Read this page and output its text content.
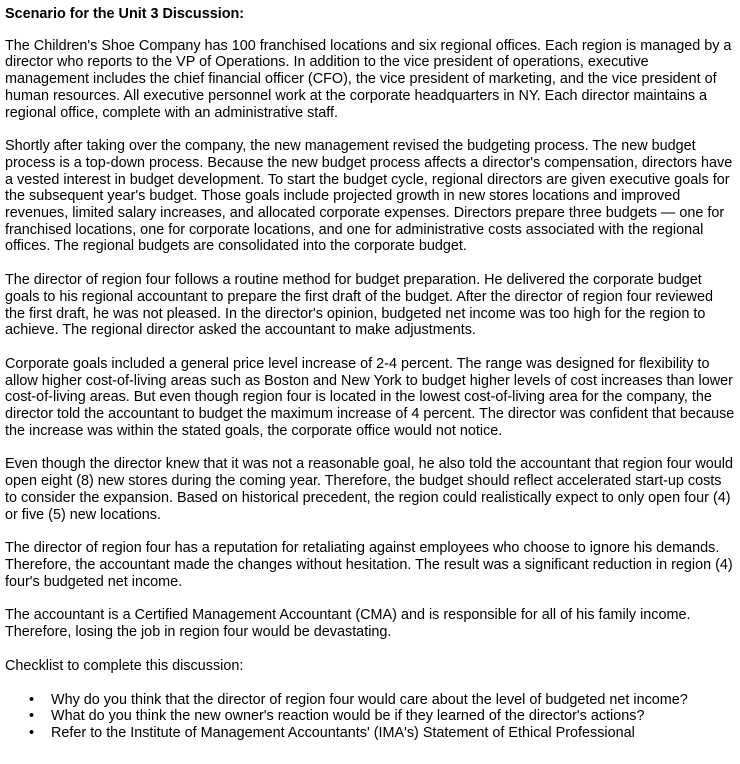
Scenario for the Unit 3 Discussion:
The Children's Shoe Company has 100 franchised locations and six regional offices. Each region is managed by a director who reports to the VP of Operations. In addition to the vice president of operations, executive management includes the chief financial officer (CFO), the vice president of marketing, and the vice president of human resources. All executive personnel work at the corporate headquarters in NY. Each director maintains a regional office, complete with an administrative staff.
Shortly after taking over the company, the new management revised the budgeting process. The new budget process is a top-down process. Because the new budget process affects a director's compensation, directors have a vested interest in budget development. To start the budget cycle, regional directors are given executive goals for the subsequent year's budget. Those goals include projected growth in new stores locations and improved revenues, limited salary increases, and allocated corporate expenses. Directors prepare three budgets — one for franchised locations, one for corporate locations, and one for administrative costs associated with the regional offices. The regional budgets are consolidated into the corporate budget.
The director of region four follows a routine method for budget preparation. He delivered the corporate budget goals to his regional accountant to prepare the first draft of the budget. After the director of region four reviewed the first draft, he was not pleased. In the director's opinion, budgeted net income was too high for the region to achieve. The regional director asked the accountant to make adjustments.
Corporate goals included a general price level increase of 2-4 percent. The range was designed for flexibility to allow higher cost-of-living areas such as Boston and New York to budget higher levels of cost increases than lower cost-of-living areas. But even though region four is located in the lowest cost-of-living area for the company, the director told the accountant to budget the maximum increase of 4 percent. The director was confident that because the increase was within the stated goals, the corporate office would not notice.
Even though the director knew that it was not a reasonable goal, he also told the accountant that region four would open eight (8) new stores during the coming year. Therefore, the budget should reflect accelerated start-up costs to consider the expansion. Based on historical precedent, the region could realistically expect to only open four (4) or five (5) new locations.
The director of region four has a reputation for retaliating against employees who choose to ignore his demands. Therefore, the accountant made the changes without hesitation. The result was a significant reduction in region (4) four's budgeted net income.
The accountant is a Certified Management Accountant (CMA) and is responsible for all of his family income. Therefore, losing the job in region four would be devastating.
Checklist to complete this discussion:
• Why do you think that the director of region four would care about the level of budgeted net income?
• What do you think the new owner's reaction would be if they learned of the director's actions?
• Refer to the Institute of Management Accountants' (IMA's) Statement of Ethical Professional
